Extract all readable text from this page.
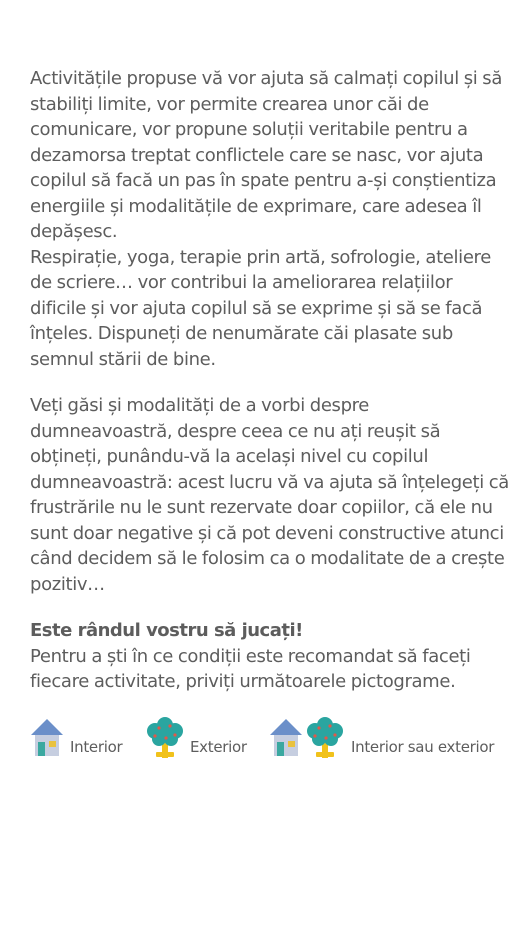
Activitățile propuse vă vor ajuta să calmați copilul și să stabiliți limite, vor permite crearea unor căi de comunicare, vor propune soluții veritabile pentru a dezamorsa treptat conflictele care se nasc, vor ajuta copilul să facă un pas în spate pentru a-și conștientiza energiile și modalitățile de exprimare, care adesea îl depășesc.

Respirație, yoga, terapie prin artă, sofrologie, ateliere de scriere… vor contribui la ameliorarea relațiilor dificile și vor ajuta copilul să se exprime și să se facă înțeles. Dispuneți de nenumărate căi plasate sub semnul stării de bine.

Veți găsi și modalități de a vorbi despre dumneavoastră, despre ceea ce nu ați reușit să obțineți, punându-vă la același nivel cu copilul dumneavoastră: acest lucru vă va ajuta să înțelegeți că frustrările nu le sunt rezervate doar copiilor, că ele nu sunt doar negative și că pot deveni constructive atunci când decidem să le folosim ca o modalitate de a crește pozitiv…

Este rândul vostru să jucați!

Pentru a ști în ce condiții este recomandat să faceți fiecare activitate, priviți următoarele pictograme.

Interior	Exterior	Interior sau exterior
